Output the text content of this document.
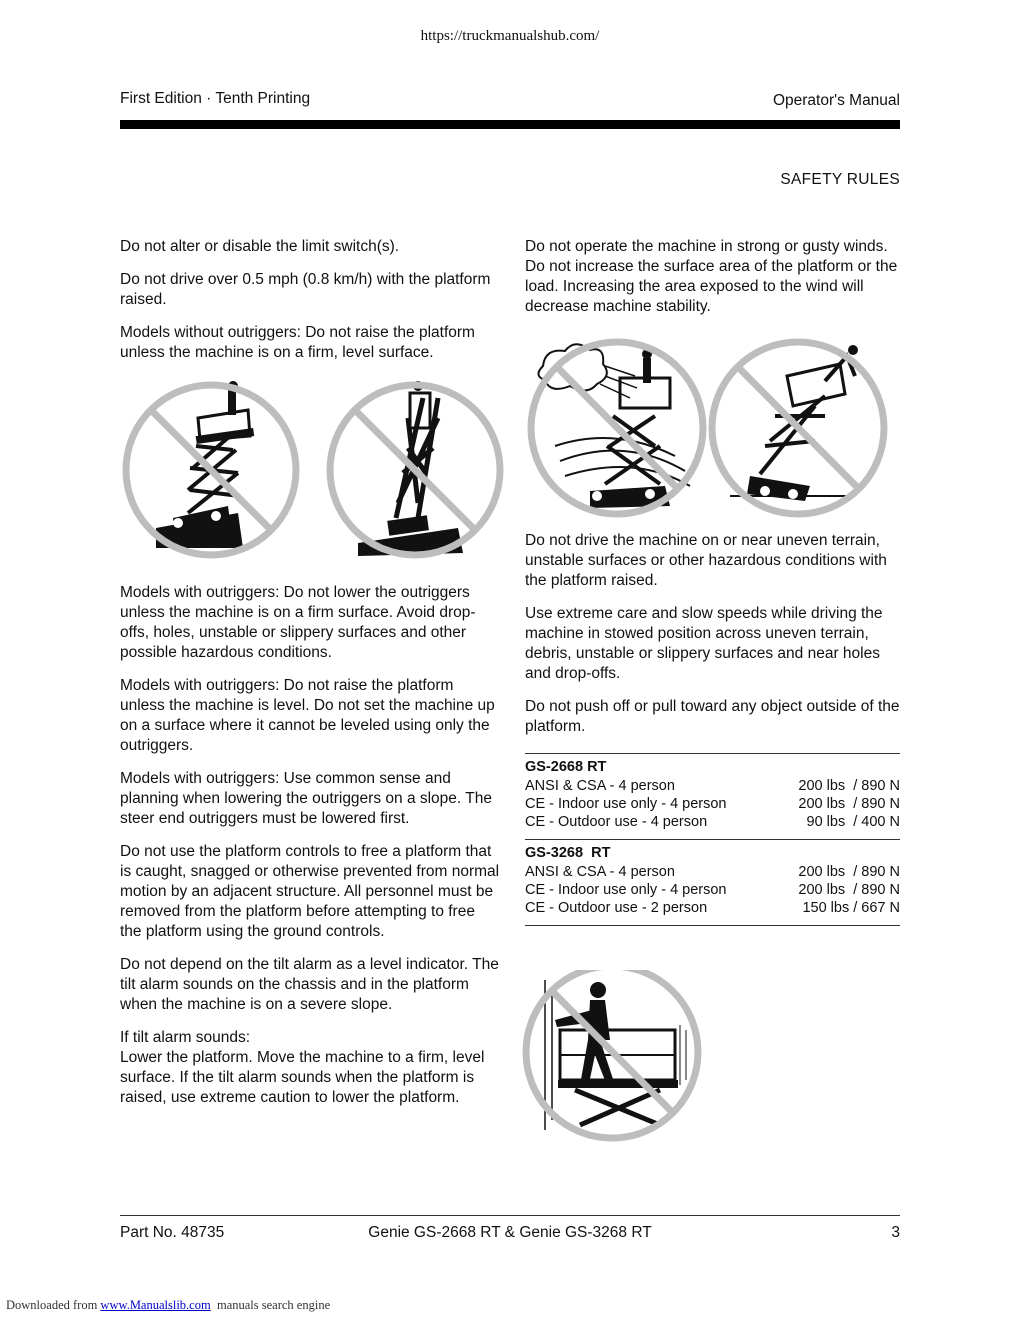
https://truckmanualshub.com/
First Edition · Tenth Printing	Operator's Manual
SAFETY RULES

Do not alter or disable the limit switch(s).

Do not drive over 0.5 mph (0.8 km/h) with the platform raised.

Models without outriggers: Do not raise the platform unless the machine is on a firm, level surface.

Models with outriggers: Do not lower the outriggers unless the machine is on a firm surface. Avoid drop-offs, holes, unstable or slippery surfaces and other possible hazardous conditions.

Models with outriggers: Do not raise the platform unless the machine is level. Do not set the machine up on a surface where it cannot be leveled using only the outriggers.

Models with outriggers: Use common sense and planning when lowering the outriggers on a slope. The steer end outriggers must be lowered first.

Do not use the platform controls to free a platform that is caught, snagged or otherwise prevented from normal motion by an adjacent structure. All personnel must be removed from the platform before attempting to free the platform using the ground controls.

Do not depend on the tilt alarm as a level indicator. The tilt alarm sounds on the chassis and in the platform when the machine is on a severe slope.

If tilt alarm sounds:

Lower the platform. Move the machine to a firm, level surface. If the tilt alarm sounds when the platform is raised, use extreme caution to lower the platform.

Do not operate the machine in strong or gusty winds. Do not increase the surface area of the platform or the load. Increasing the area exposed to the wind will decrease machine stability.

Do not drive the machine on or near uneven terrain, unstable surfaces or other hazardous conditions with the platform raised.

Use extreme care and slow speeds while driving the machine in stowed position across uneven terrain, debris, unstable or slippery surfaces and near holes and drop-offs.

Do not push off or pull toward any object outside of the platform.

GS-2668 RT
ANSI & CSA - 4 person	200 lbs  / 890 N
CE - Indoor use only - 4 person	200 lbs  / 890 N
CE - Outdoor use - 4 person	90 lbs  / 400 N
GS-3268  RT
ANSI & CSA - 4 person	200 lbs  / 890 N
CE - Indoor use only - 4 person	200 lbs  / 890 N
CE - Outdoor use - 2 person	150 lbs / 667 N
Part No. 48735	Genie GS-2668 RT & Genie GS-3268 RT	3
Downloaded from www.Manualslib.com  manuals search engine
